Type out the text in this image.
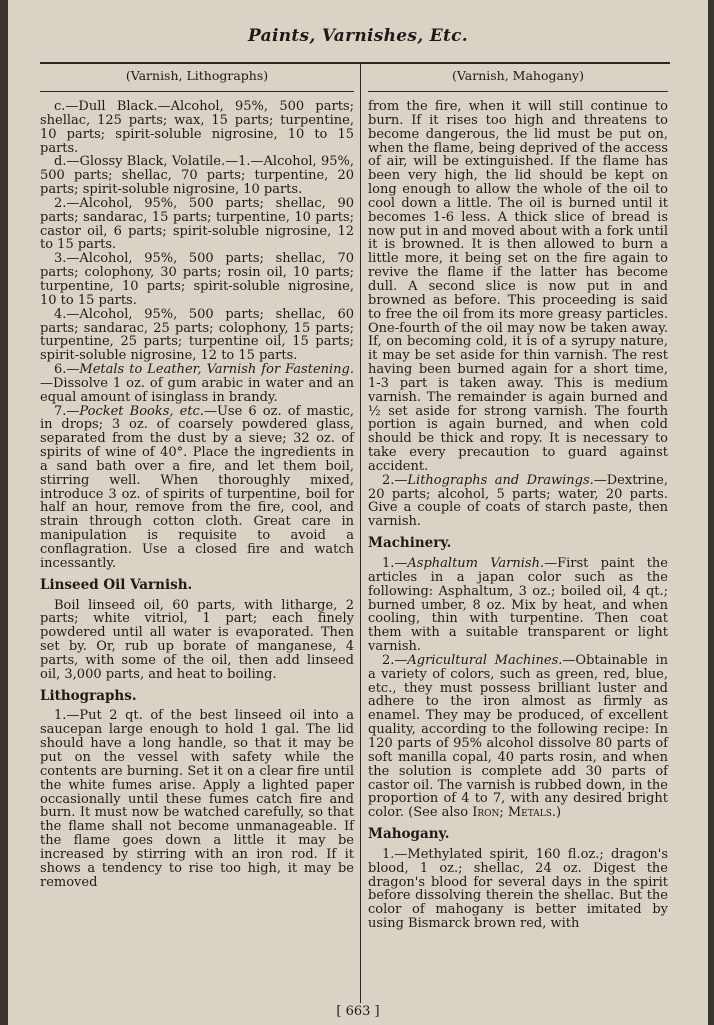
Paints, Varnishes, Etc.
(Varnish, Lithographs)	(Varnish, Mahogany)

c.—Dull Black.—Alcohol, 95%, 500 parts; shellac, 125 parts; wax, 15 parts; turpentine, 10 parts; spirit-soluble nigrosine, 10 to 15 parts.

d.—Glossy Black, Volatile.—1.—Alcohol, 95%, 500 parts; shellac, 70 parts; turpentine, 20 parts; spirit-soluble nigrosine, 10 parts.

2.—Alcohol, 95%, 500 parts; shellac, 90 parts; sandarac, 15 parts; turpentine, 10 parts; castor oil, 6 parts; spirit-soluble nigrosine, 12 to 15 parts.

3.—Alcohol, 95%, 500 parts; shellac, 70 parts; colophony, 30 parts; rosin oil, 10 parts; turpentine, 10 parts; spirit-soluble nigrosine, 10 to 15 parts.

4.—Alcohol, 95%, 500 parts; shellac, 60 parts; sandarac, 25 parts; colophony, 15 parts; turpentine, 25 parts; turpentine oil, 15 parts; spirit-soluble nigrosine, 12 to 15 parts.

6.—Metals to Leather, Varnish for Fastening.—Dissolve 1 oz. of gum arabic in water and an equal amount of isinglass in brandy.

7.—Pocket Books, etc.—Use 6 oz. of mastic, in drops; 3 oz. of coarsely powdered glass, separated from the dust by a sieve; 32 oz. of spirits of wine of 40°. Place the ingredients in a sand bath over a fire, and let them boil, stirring well. When thoroughly mixed, introduce 3 oz. of spirits of turpentine, boil for half an hour, remove from the fire, cool, and strain through cotton cloth. Great care in manipulation is requisite to avoid a conflagration. Use a closed fire and watch incessantly.

Linseed Oil Varnish.

Boil linseed oil, 60 parts, with litharge, 2 parts; white vitriol, 1 part; each finely powdered until all water is evaporated. Then set by. Or, rub up borate of manganese, 4 parts, with some of the oil, then add linseed oil, 3,000 parts, and heat to boiling.

Lithographs.

1.—Put 2 qt. of the best linseed oil into a saucepan large enough to hold 1 gal. The lid should have a long handle, so that it may be put on the vessel with safety while the contents are burning. Set it on a clear fire until the white fumes arise. Apply a lighted paper occasionally until these fumes catch fire and burn. It must now be watched carefully, so that the flame shall not become unmanageable. If the flame goes down a little it may be increased by stirring with an iron rod. If it shows a tendency to rise too high, it may be removed

from the fire, when it will still continue to burn. If it rises too high and threatens to become dangerous, the lid must be put on, when the flame, being deprived of the access of air, will be extinguished. If the flame has been very high, the lid should be kept on long enough to allow the whole of the oil to cool down a little. The oil is burned until it becomes 1-6 less. A thick slice of bread is now put in and moved about with a fork until it is browned. It is then allowed to burn a little more, it being set on the fire again to revive the flame if the latter has become dull. A second slice is now put in and browned as before. This proceeding is said to free the oil from its more greasy particles. One-fourth of the oil may now be taken away. If, on becoming cold, it is of a syrupy nature, it may be set aside for thin varnish. The rest having been burned again for a short time, 1-3 part is taken away. This is medium varnish. The remainder is again burned and ½ set aside for strong varnish. The fourth portion is again burned, and when cold should be thick and ropy. It is necessary to take every precaution to guard against accident.

2.—Lithographs and Drawings.—Dextrine, 20 parts; alcohol, 5 parts; water, 20 parts. Give a couple of coats of starch paste, then varnish.

Machinery.

1.—Asphaltum Varnish.—First paint the articles in a japan color such as the following: Asphaltum, 3 oz.; boiled oil, 4 qt.; burned umber, 8 oz. Mix by heat, and when cooling, thin with turpentine. Then coat them with a suitable transparent or light varnish.

2.—Agricultural Machines.—Obtainable in a variety of colors, such as green, red, blue, etc., they must possess brilliant luster and adhere to the iron almost as firmly as enamel. They may be produced, of excellent quality, according to the following recipe: In 120 parts of 95% alcohol dissolve 80 parts of soft manilla copal, 40 parts rosin, and when the solution is complete add 30 parts of castor oil. The varnish is rubbed down, in the proportion of 4 to 7, with any desired bright color. (See also Iron; Metals.)

Mahogany.

1.—Methylated spirit, 160 fl.oz.; dragon's blood, 1 oz.; shellac, 24 oz. Digest the dragon's blood for several days in the spirit before dissolving therein the shellac. But the color of mahogany is better imitated by using Bismarck brown red, with

[ 663 ]
